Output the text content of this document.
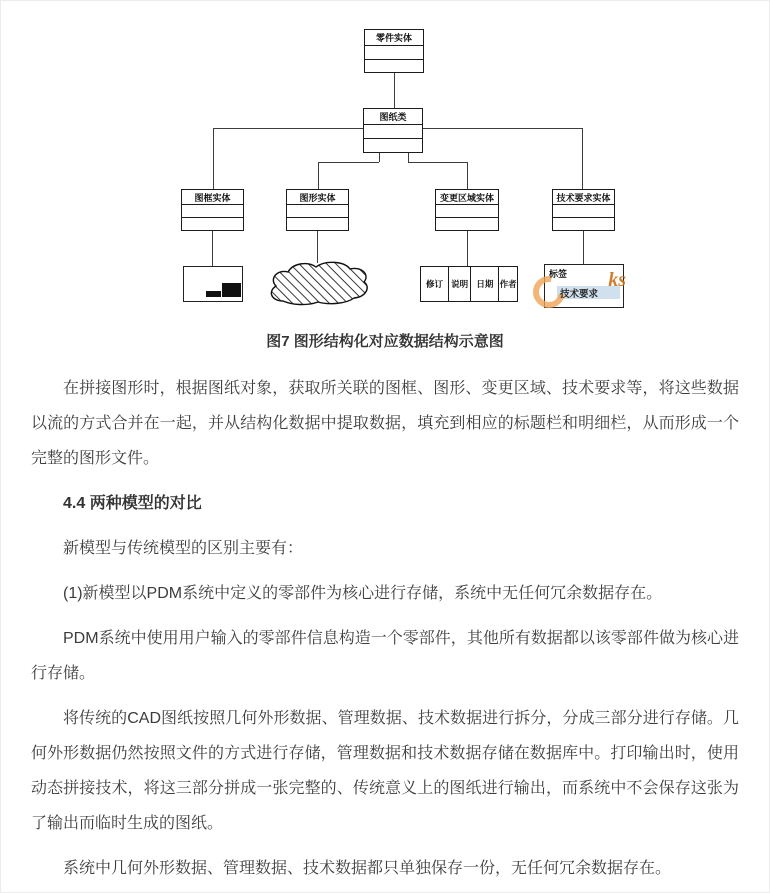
零件实体
图纸类
图框实体	图形实体	变更区域实体	技术要求实体
修订 说明 日期 作者
标签
技术要求
ks
图7 图形结构化对应数据结构示意图

在拼接图形时，根据图纸对象，获取所关联的图框、图形、变更区域、技术要求等，将这些数据以流的方式合并在一起，并从结构化数据中提取数据，填充到相应的标题栏和明细栏，从而形成一个完整的图形文件。

4.4 两种模型的对比

新模型与传统模型的区别主要有：

(1)新模型以PDM系统中定义的零部件为核心进行存储，系统中无任何冗余数据存在。

PDM系统中使用用户输入的零部件信息构造一个零部件，其他所有数据都以该零部件做为核心进行存储。

将传统的CAD图纸按照几何外形数据、管理数据、技术数据进行拆分，分成三部分进行存储。几何外形数据仍然按照文件的方式进行存储，管理数据和技术数据存储在数据库中。打印输出时，使用动态拼接技术，将这三部分拼成一张完整的、传统意义上的图纸进行输出，而系统中不会保存这张为了输出而临时生成的图纸。

系统中几何外形数据、管理数据、技术数据都只单独保存一份，无任何冗余数据存在。
